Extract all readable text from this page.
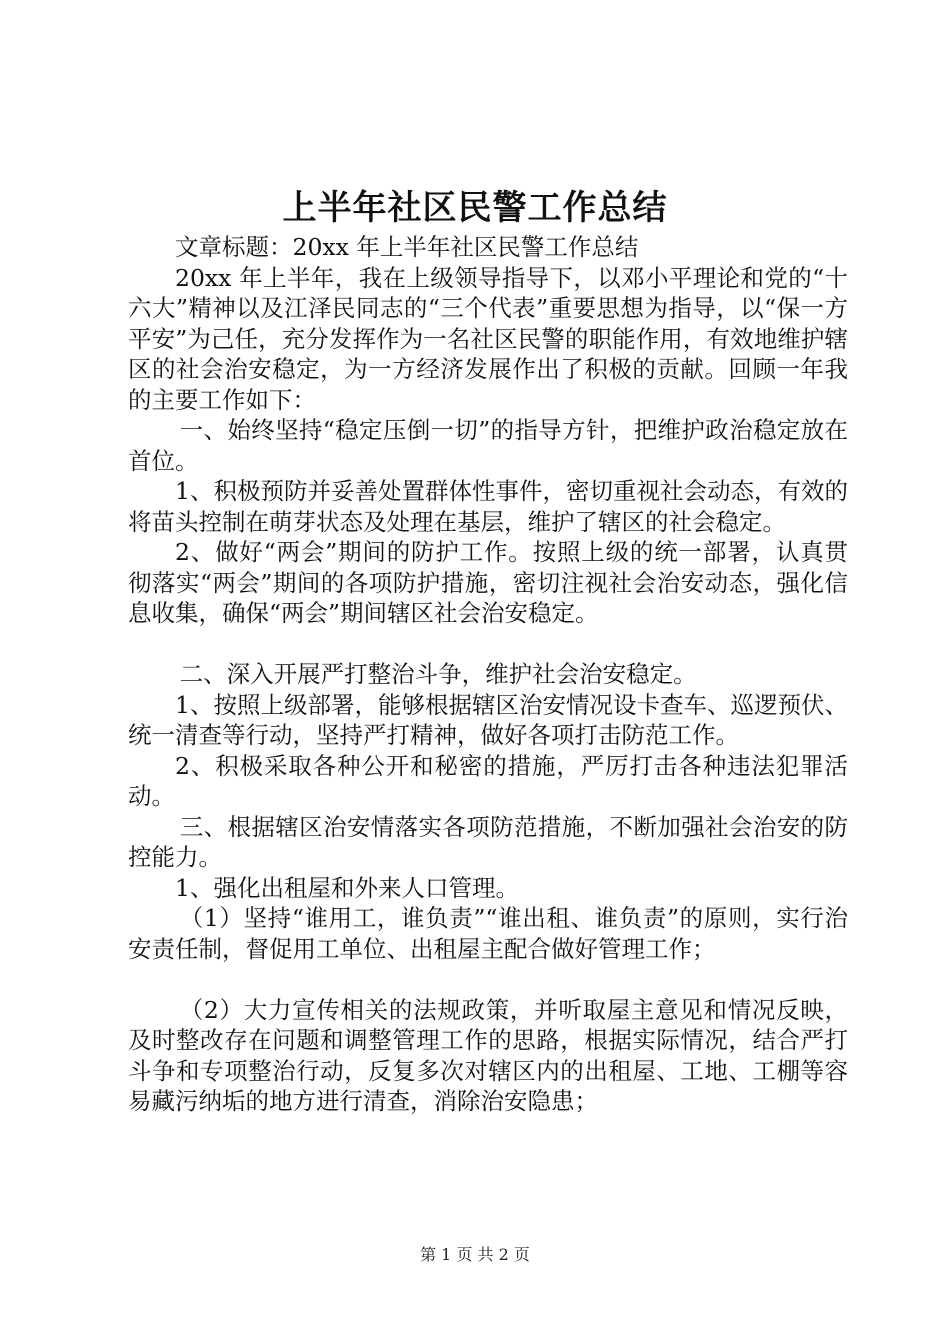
上半年社区民警工作总结

文章标题：20xx 年上半年社区民警工作总结

20xx 年上半年，我在上级领导指导下，以邓小平理论和党的“十六大”精神以及江泽民同志的“三个代表”重要思想为指导，以“保一方平安”为己任，充分发挥作为一名社区民警的职能作用，有效地维护辖区的社会治安稳定，为一方经济发展作出了积极的贡献。回顾一年我的主要工作如下：

一、始终坚持“稳定压倒一切”的指导方针，把维护政治稳定放在首位。

1、积极预防并妥善处置群体性事件，密切重视社会动态，有效的将苗头控制在萌芽状态及处理在基层，维护了辖区的社会稳定。

2、做好“两会”期间的防护工作。按照上级的统一部署，认真贯彻落实“两会”期间的各项防护措施，密切注视社会治安动态，强化信息收集，确保“两会”期间辖区社会治安稳定。

二、深入开展严打整治斗争，维护社会治安稳定。

1、按照上级部署，能够根据辖区治安情况设卡查车、巡逻预伏、统一清查等行动，坚持严打精神，做好各项打击防范工作。

2、积极采取各种公开和秘密的措施，严厉打击各种违法犯罪活动。

三、根据辖区治安情落实各项防范措施，不断加强社会治安的防控能力。

1、强化出租屋和外来人口管理。

（1）坚持“谁用工，谁负责”“谁出租、谁负责”的原则，实行治安责任制，督促用工单位、出租屋主配合做好管理工作；

（2）大力宣传相关的法规政策，并听取屋主意见和情况反映，及时整改存在问题和调整管理工作的思路，根据实际情况，结合严打斗争和专项整治行动，反复多次对辖区内的出租屋、工地、工棚等容易藏污纳垢的地方进行清查，消除治安隐患；

第 1 页 共 2 页
